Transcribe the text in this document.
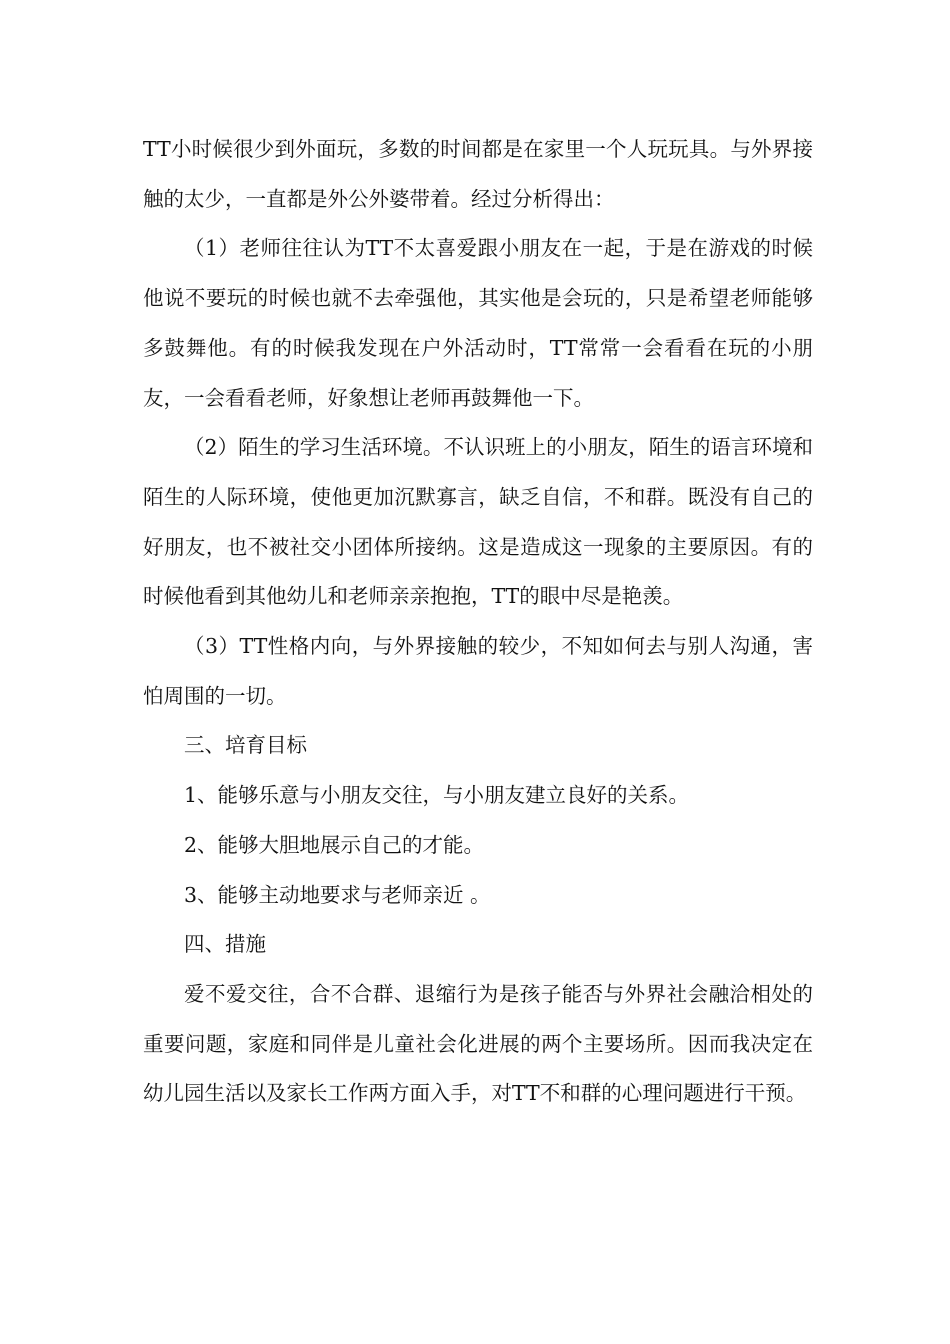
TT小时候很少到外面玩，多数的时间都是在家里一个人玩玩具。与外界接触的太少，一直都是外公外婆带着。经过分析得出：

（1）老师往往认为TT不太喜爱跟小朋友在一起，于是在游戏的时候他说不要玩的时候也就不去牵强他，其实他是会玩的，只是希望老师能够多鼓舞他。有的时候我发现在户外活动时，TT常常一会看看在玩的小朋友，一会看看老师，好象想让老师再鼓舞他一下。

（2）陌生的学习生活环境。不认识班上的小朋友，陌生的语言环境和陌生的人际环境，使他更加沉默寡言，缺乏自信，不和群。既没有自己的好朋友，也不被社交小团体所接纳。这是造成这一现象的主要原因。有的时候他看到其他幼儿和老师亲亲抱抱，TT的眼中尽是艳羡。

（3）TT性格内向，与外界接触的较少，不知如何去与别人沟通，害怕周围的一切。

三、培育目标

1、能够乐意与小朋友交往，与小朋友建立良好的关系。

2、能够大胆地展示自己的才能。

3、能够主动地要求与老师亲近 。

四、措施

爱不爱交往，合不合群、退缩行为是孩子能否与外界社会融洽相处的重要问题，家庭和同伴是儿童社会化进展的两个主要场所。因而我决定在幼儿园生活以及家长工作两方面入手，对TT不和群的心理问题进行干预。
